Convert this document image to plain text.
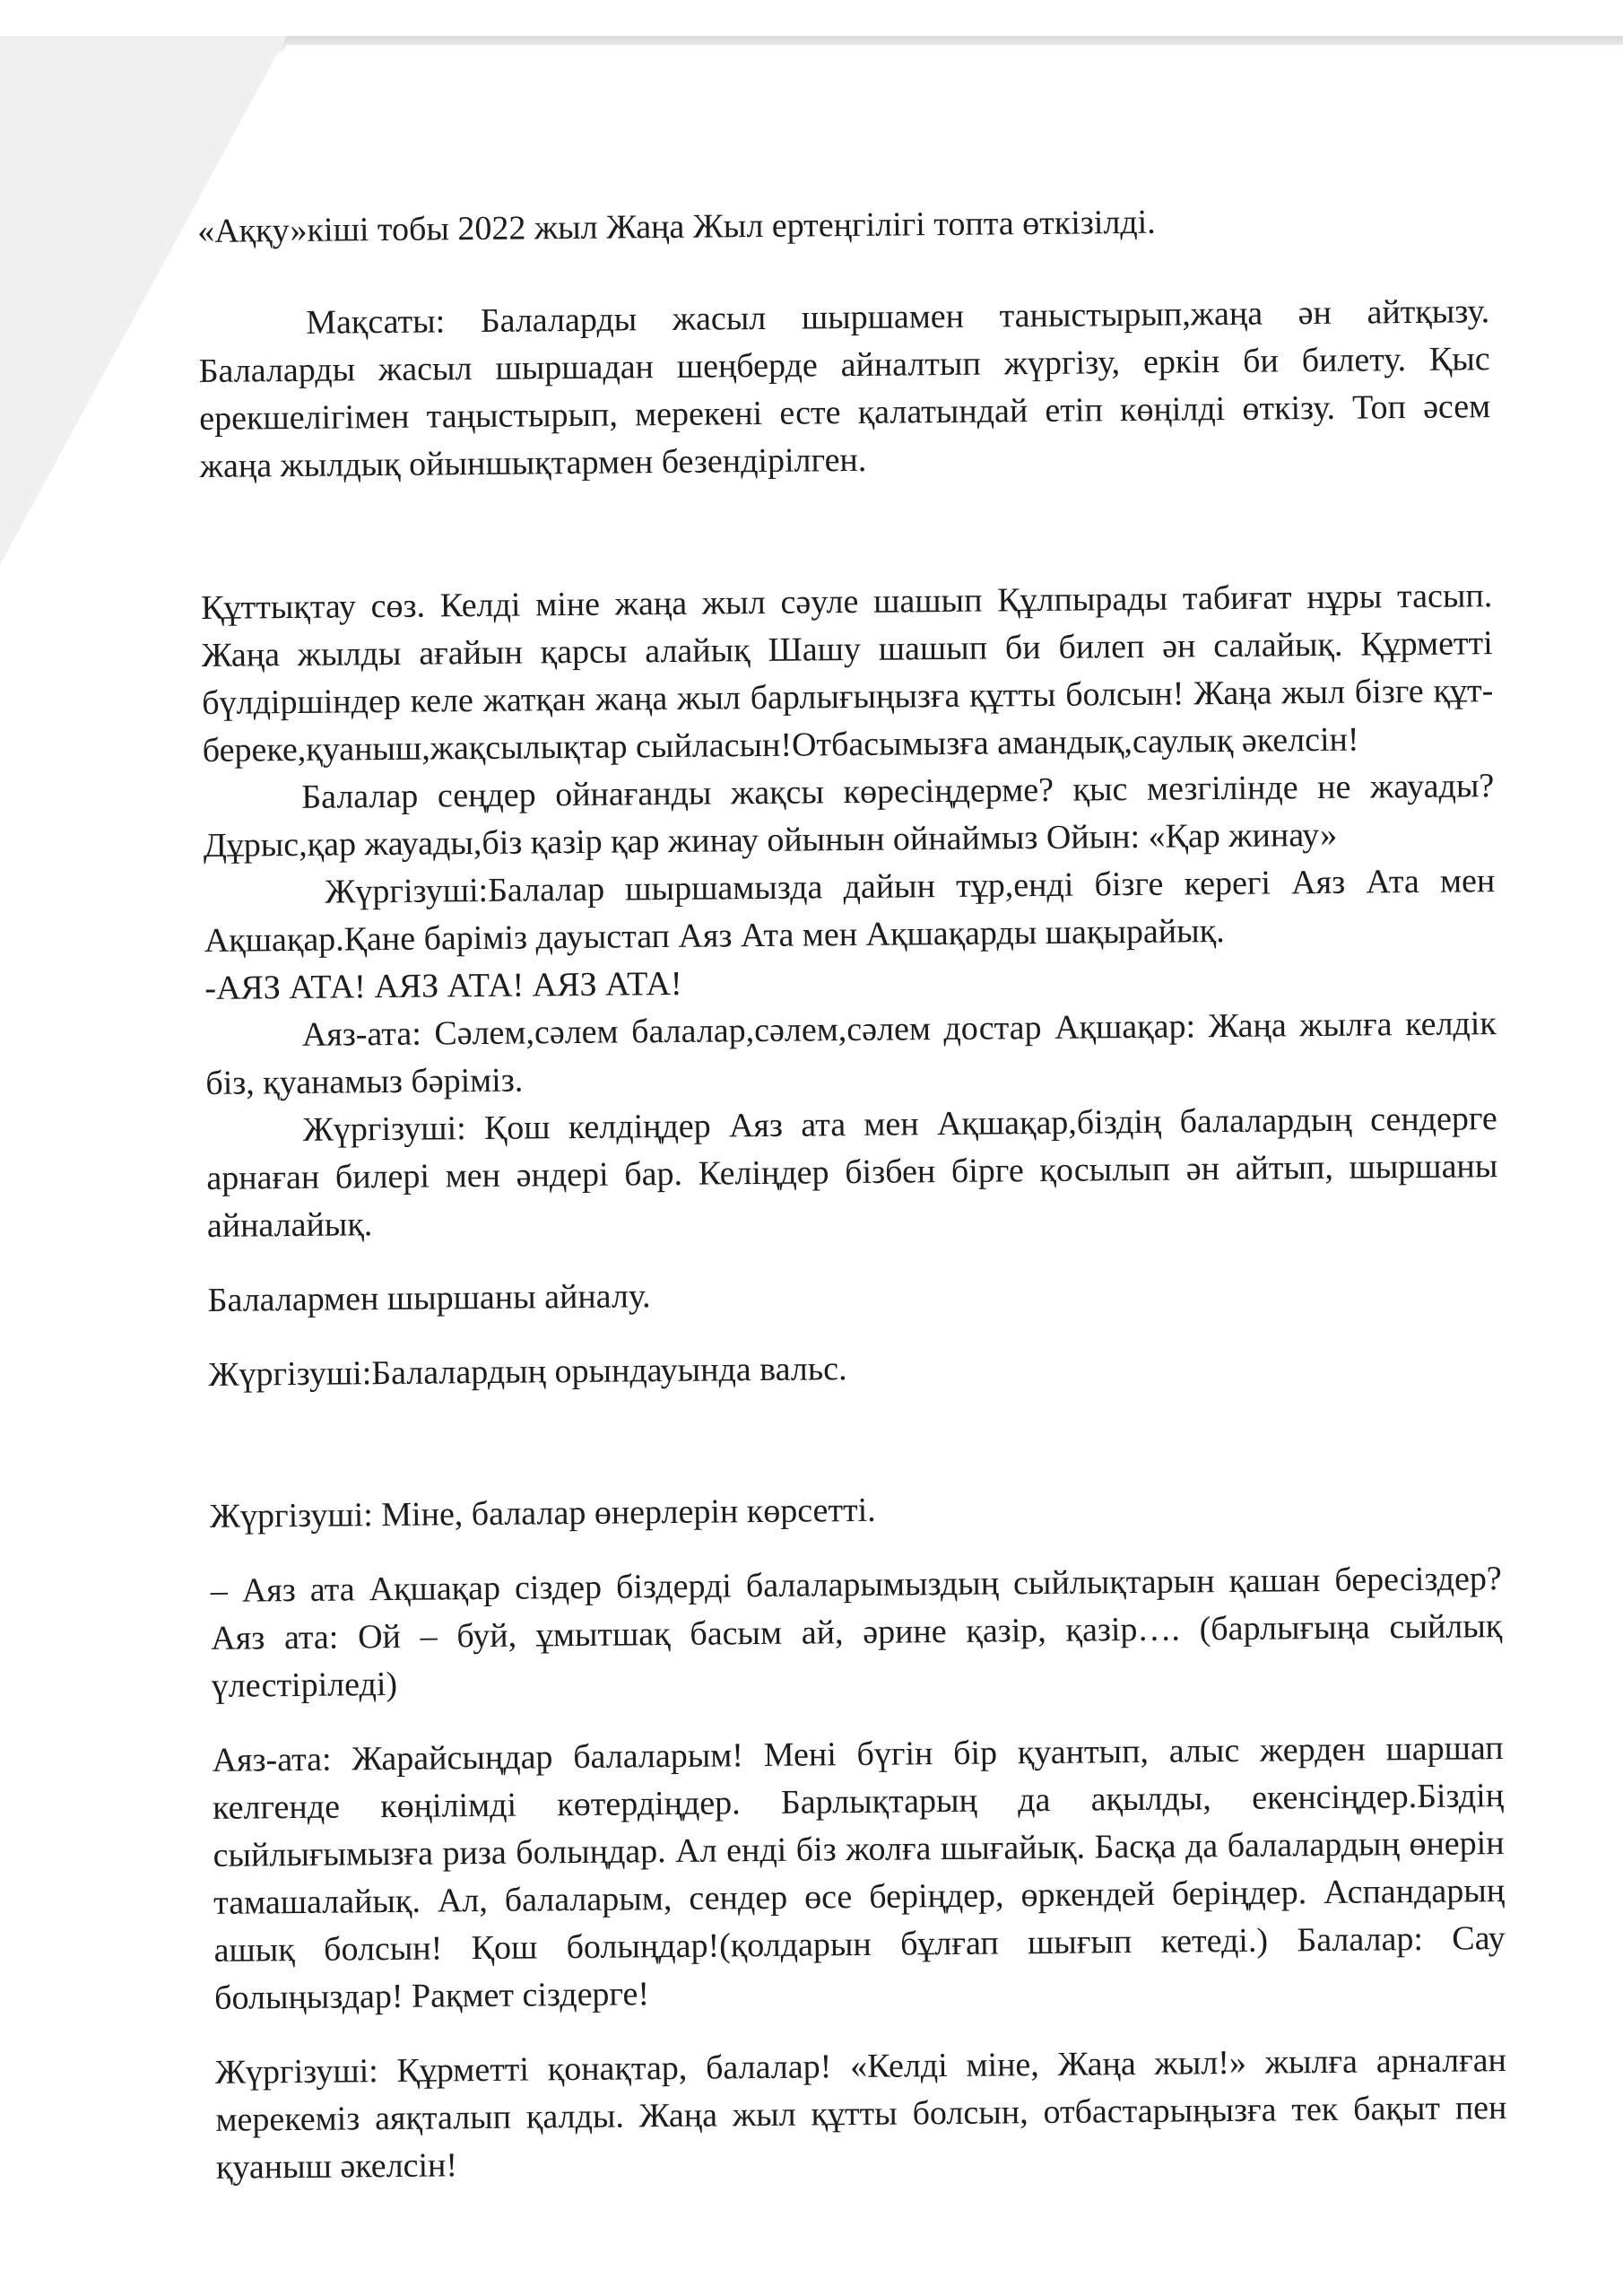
«Аққу»кіші тобы 2022 жыл Жаңа Жыл ертеңгілігі топта өткізілді.

Мақсаты: Балаларды жасыл шыршамен таныстырып,жаңа ән айтқызу. Балаларды жасыл шыршадан шеңберде айналтып жүргізу, еркін би билету. Қыс ерекшелігімен таңыстырып, мерекені есте қалатындай етіп көңілді өткізу. Топ әсем жаңа жылдық ойыншықтармен безендірілген.

Құттықтау сөз. Келді міне жаңа жыл сәуле шашып Құлпырады табиғат нұры тасып. Жаңа жылды ағайын қарсы алайық Шашу шашып би билеп ән салайық. Құрметті бүлдіршіндер келе жатқан жаңа жыл барлығыңызға құтты болсын! Жаңа жыл бізге құт-береке,қуаныш,жақсылықтар сыйласын!Отбасымызға амандық,саулық әкелсін!

Балалар сеңдер ойнағанды жақсы көресіңдерме? қыс мезгілінде не жауады? Дұрыс,қар жауады,біз қазір қар жинау ойынын ойнаймыз Ойын: «Қар жинау»

Жүргізуші:Балалар шыршамызда дайын тұр,енді бізге керегі Аяз Ата мен Ақшақар.Қане баріміз дауыстап Аяз Ата мен Ақшақарды шақырайық.

-АЯЗ АТА! АЯЗ АТА! АЯЗ АТА!

Аяз-ата: Сәлем,сәлем балалар,сәлем,сәлем достар Ақшақар: Жаңа жылға келдік біз, қуанамыз бәріміз.

Жүргізуші: Қош келдіңдер Аяз ата мен Ақшақар,біздің балалардың сендерге арнаған билері мен әндері бар. Келіңдер бізбен бірге қосылып ән айтып, шыршаны айналайық.

Балалармен шыршаны айналу.

Жүргізуші:Балалардың орындауында вальс.

Жүргізуші: Міне, балалар өнерлерін көрсетті.

– Аяз ата Ақшақар сіздер біздерді балаларымыздың сыйлықтарын қашан бересіздер? Аяз ата: Ой – буй, ұмытшақ басым ай, әрине қазір, қазір…. (барлығыңа сыйлық үлестіріледі)

Аяз-ата: Жарайсыңдар балаларым! Мені бүгін бір қуантып, алыс жерден шаршап келгенде көңілімді көтердіңдер. Барлықтарың да ақылды, екенсіңдер.Біздің сыйлығымызға риза болыңдар. Ал енді біз жолға шығайық. Басқа да балалардың өнерін тамашалайық. Ал, балаларым, сендер өсе беріңдер, өркендей беріңдер. Аспандарың ашық болсын! Қош болыңдар!(қолдарын бұлғап шығып кетеді.) Балалар: Сау болыңыздар! Рақмет сіздерге!

Жүргізуші: Құрметті қонақтар, балалар! «Келді міне, Жаңа жыл!» жылға арналған мерекеміз аяқталып қалды. Жаңа жыл құтты болсын, отбастарыңызға тек бақыт пен қуаныш әкелсін!
